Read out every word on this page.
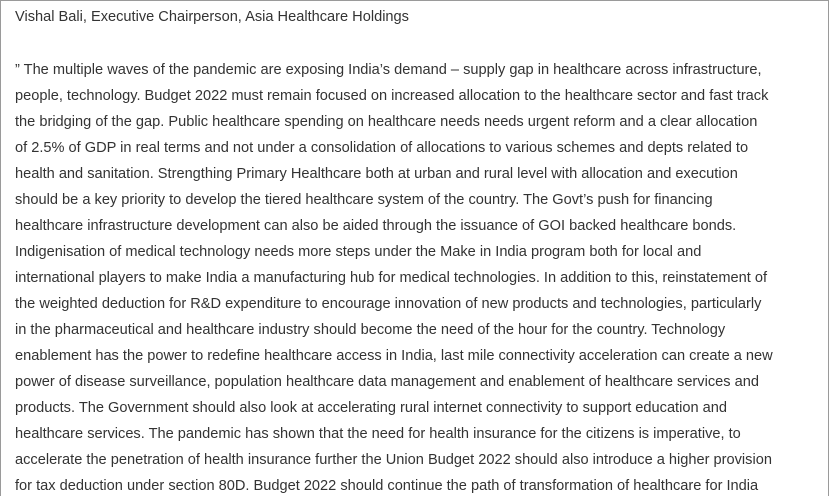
Vishal Bali, Executive Chairperson, Asia Healthcare Holdings
” The multiple waves of the pandemic are exposing India’s demand – supply gap in healthcare across infrastructure,
people, technology. Budget 2022 must remain focused on increased allocation to the healthcare sector and fast track
the bridging of the gap. Public healthcare spending on healthcare needs needs urgent reform and a clear allocation
of 2.5% of GDP in real terms and not under a consolidation of allocations to various schemes and depts related to
health and sanitation. Strengthing Primary Healthcare both at urban and rural level with allocation and execution
should be a key priority to develop the tiered healthcare system of the country. The Govt’s push for financing
healthcare infrastructure development can also be aided through the issuance of GOI backed healthcare bonds.
Indigenisation of medical technology needs more steps under the Make in India program both for local and
international players to make India a manufacturing hub for medical technologies. In addition to this, reinstatement of
the weighted deduction for R&D expenditure to encourage innovation of new products and technologies, particularly
in the pharmaceutical and healthcare industry should become the need of the hour for the country. Technology
enablement has the power to redefine healthcare access in India, last mile connectivity acceleration can create a new
power of disease surveillance, population healthcare data management and enablement of healthcare services and
products. The Government should also look at accelerating rural internet connectivity to support education and
healthcare services. The pandemic has shown that the need for health insurance for the citizens is imperative, to
accelerate the penetration of health insurance further the Union Budget 2022 should also introduce a higher provision
for tax deduction under section 80D. Budget 2022 should continue the path of transformation of healthcare for India
